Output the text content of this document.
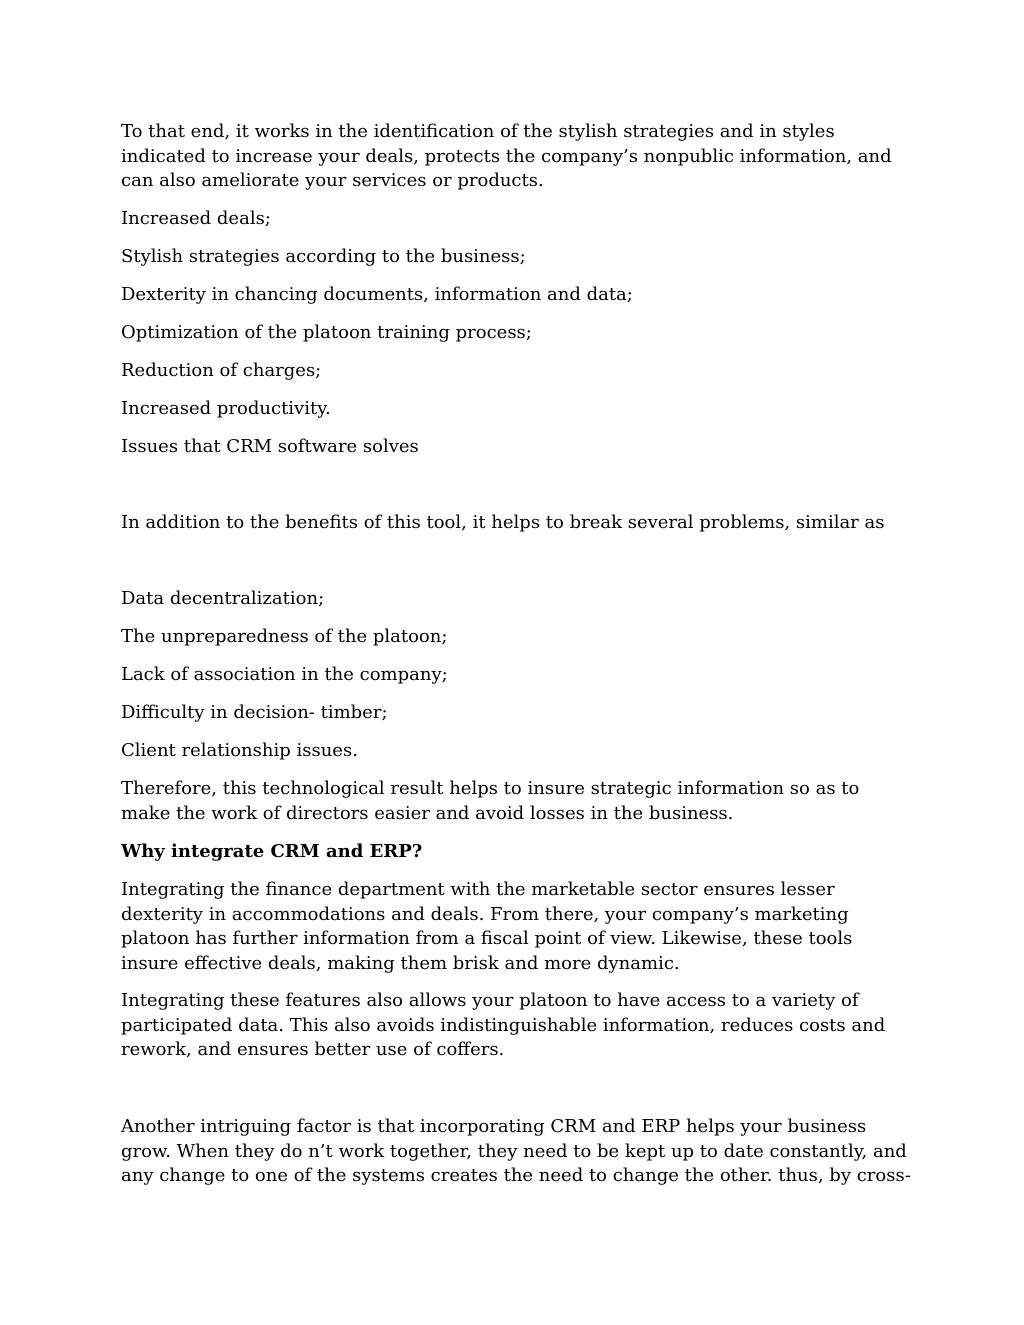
To that end, it works in the identification of the stylish strategies and in styles indicated to increase your deals, protects the company’s nonpublic information, and can also ameliorate your services or products.

Increased deals;

Stylish strategies according to the business;

Dexterity in chancing documents, information and data;

Optimization of the platoon training process;

Reduction of charges;

Increased productivity.

Issues that CRM software solves

In addition to the benefits of this tool, it helps to break several problems, similar as

Data decentralization;

The unpreparedness of the platoon;

Lack of association in the company;

Difficulty in decision- timber;

Client relationship issues.

Therefore, this technological result helps to insure strategic information so as to make the work of directors easier and avoid losses in the business.

Why integrate CRM and ERP?

Integrating the finance department with the marketable sector ensures lesser dexterity in accommodations and deals. From there, your company’s marketing platoon has further information from a fiscal point of view. Likewise, these tools insure effective deals, making them brisk and more dynamic.

Integrating these features also allows your platoon to have access to a variety of participated data. This also avoids indistinguishable information, reduces costs and rework, and ensures better use of coffers.

Another intriguing factor is that incorporating CRM and ERP helps your business grow. When they do n’t work together, they need to be kept up to date constantly, and any change to one of the systems creates the need to change the other. thus, by cross-
